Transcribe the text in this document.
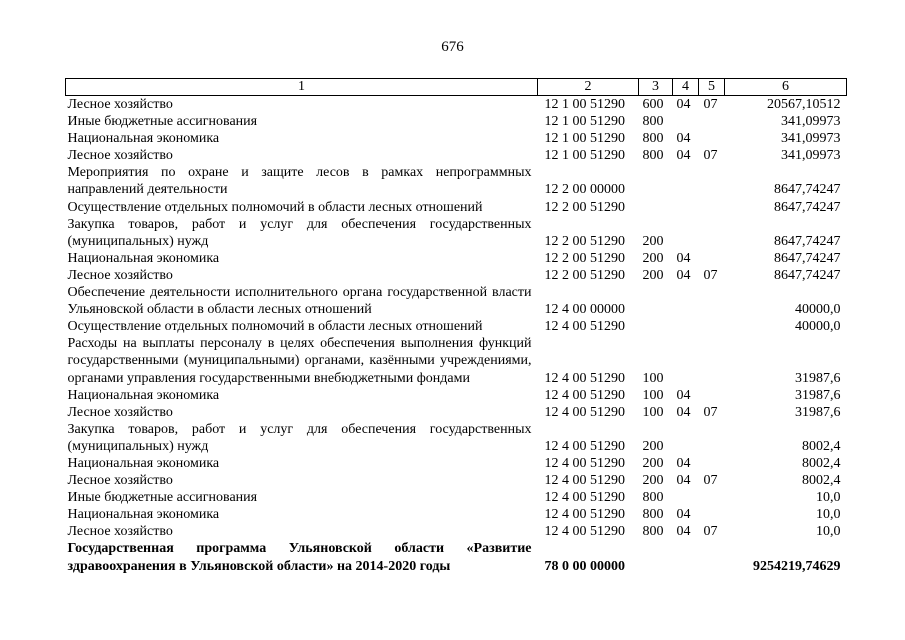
676
1	2	3	4	5	6
Лесное хозяйство	12 1 00 51290	600	04	07	20567,10512
Иные бюджетные ассигнования	12 1 00 51290	800			341,09973
Национальная экономика	12 1 00 51290	800	04		341,09973
Лесное хозяйство	12 1 00 51290	800	04	07	341,09973
Мероприятия по охране и защите лесов в рамках непрограммных направлений деятельности	12 2 00 00000				8647,74247
Осуществление отдельных полномочий в области лесных отношений	12 2 00 51290				8647,74247
Закупка товаров, работ и услуг для обеспечения государственных (муниципальных) нужд	12 2 00 51290	200			8647,74247
Национальная экономика	12 2 00 51290	200	04		8647,74247
Лесное хозяйство	12 2 00 51290	200	04	07	8647,74247
Обеспечение деятельности исполнительного органа государственной власти Ульяновской области в области лесных отношений	12 4 00 00000				40000,0
Осуществление отдельных полномочий в области лесных отношений	12 4 00 51290				40000,0
Расходы на выплаты персоналу в целях обеспечения выполнения функций государственными (муниципальными) органами, казёнными учреждениями, органами управления государственными внебюджетными фондами	12 4 00 51290	100			31987,6
Национальная экономика	12 4 00 51290	100	04		31987,6
Лесное хозяйство	12 4 00 51290	100	04	07	31987,6
Закупка товаров, работ и услуг для обеспечения государственных (муниципальных) нужд	12 4 00 51290	200			8002,4
Национальная экономика	12 4 00 51290	200	04		8002,4
Лесное хозяйство	12 4 00 51290	200	04	07	8002,4
Иные бюджетные ассигнования	12 4 00 51290	800			10,0
Национальная экономика	12 4 00 51290	800	04		10,0
Лесное хозяйство	12 4 00 51290	800	04	07	10,0
Государственная программа Ульяновской области «Развитие здравоохранения в Ульяновской области» на 2014-2020 годы	78 0 00 00000				9254219,74629
